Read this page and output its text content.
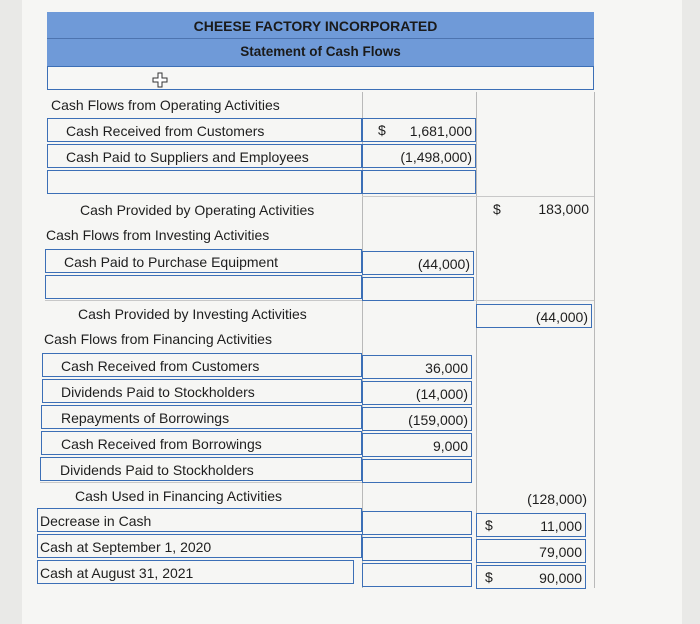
CHEESE FACTORY INCORPORATED
Statement of Cash Flows
Cash Flows from Operating Activities
Cash Received from Customers	$	1,681,000
Cash Paid to Suppliers and Employees	(1,498,000)
Cash Provided by Operating Activities	$	183,000
Cash Flows from Investing Activities
Cash Paid to Purchase Equipment	(44,000)
Cash Provided by Investing Activities	(44,000)
Cash Flows from Financing Activities
Cash Received from Customers	36,000
Dividends Paid to Stockholders	(14,000)
Repayments of Borrowings	(159,000)
Cash Received from Borrowings	9,000
Dividends Paid to Stockholders
Cash Used in Financing Activities	(128,000)
Decrease in Cash	$	11,000
Cash at September 1, 2020	79,000
Cash at August 31, 2021	$	90,000
